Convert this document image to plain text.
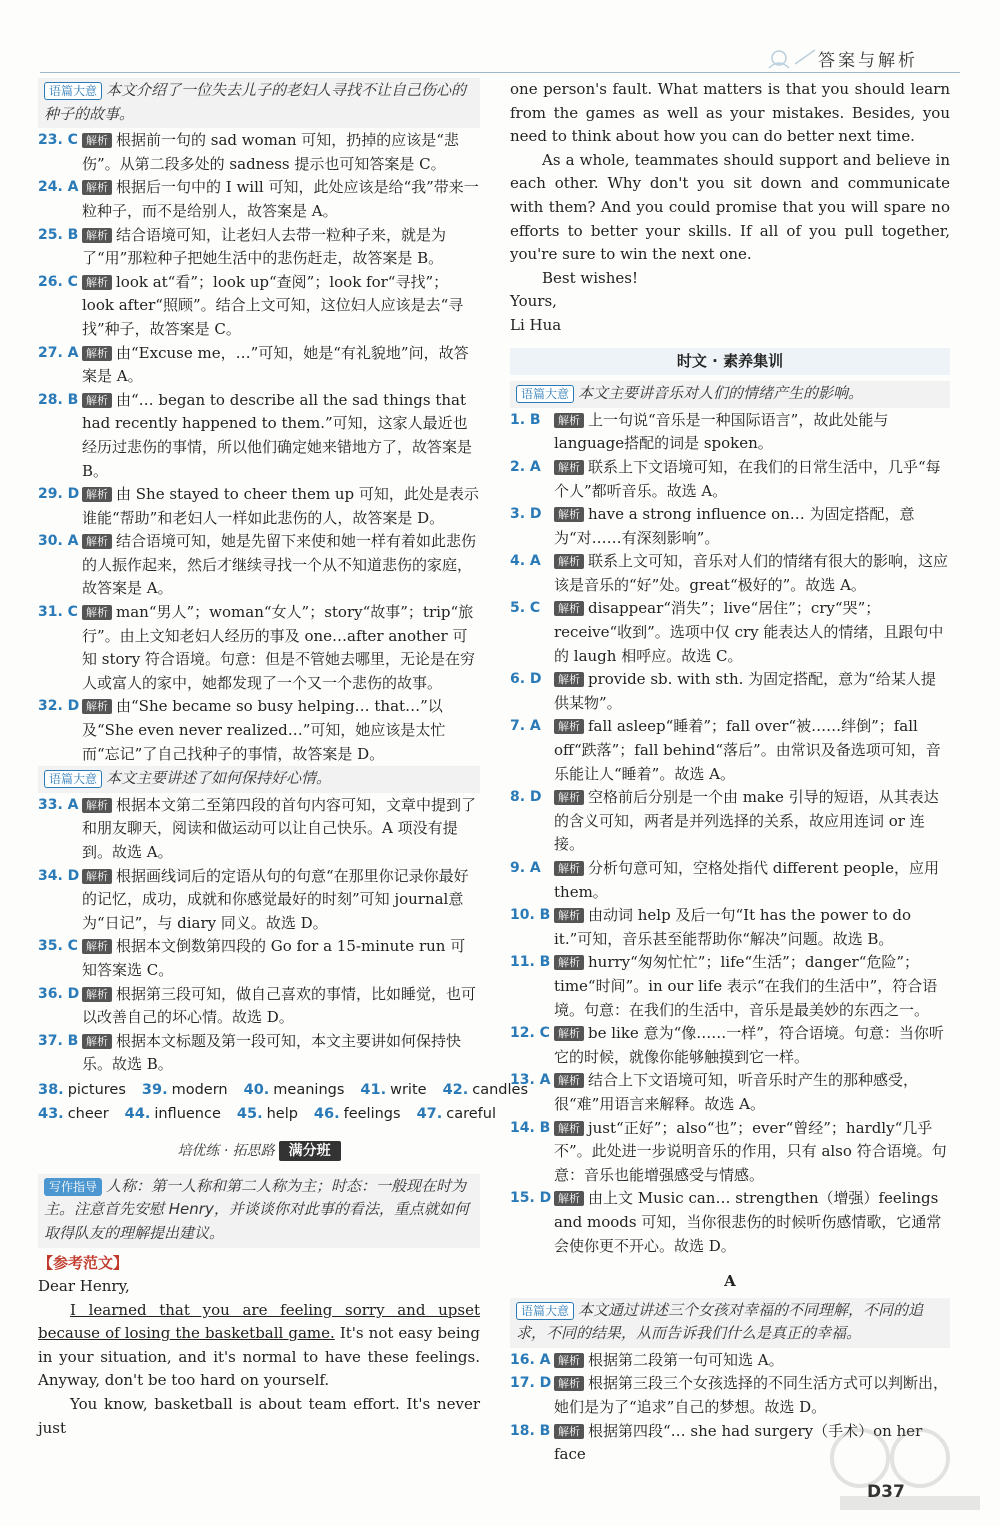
答案与解析
语篇大意 本文介绍了一位失去儿子的老妇人寻找不让自己伤心的种子的故事。

23. C 解析 根据前一句的 sad woman 可知，扔掉的应该是“悲伤”。从第二段多处的 sadness 提示也可知答案是 C。

24. A 解析 根据后一句中的 I will 可知，此处应该是给“我”带来一粒种子，而不是给别人，故答案是 A。

25. B 解析 结合语境可知，让老妇人去带一粒种子来，就是为了“用”那粒种子把她生活中的悲伤赶走，故答案是 B。

26. C 解析 look at“看”；look up“查阅”；look for“寻找”；look after“照顾”。结合上文可知，这位妇人应该是去“寻找”种子，故答案是 C。

27. A 解析 由“Excuse me，…”可知，她是“有礼貌地”问，故答案是 A。

28. B 解析 由“… began to describe all the sad things that had recently happened to them.”可知，这家人最近也经历过悲伤的事情，所以他们确定她来错地方了，故答案是 B。

29. D 解析 由 She stayed to cheer them up 可知，此处是表示谁能“帮助”和老妇人一样如此悲伤的人，故答案是 D。

30. A 解析 结合语境可知，她是先留下来使和她一样有着如此悲伤的人振作起来，然后才继续寻找一个从不知道悲伤的家庭，故答案是 A。

31. C 解析 man“男人”；woman“女人”；story“故事”；trip“旅行”。由上文知老妇人经历的事及 one…after another 可知 story 符合语境。句意：但是不管她去哪里，无论是在穷人或富人的家中，她都发现了一个又一个悲伤的故事。

32. D 解析 由“She became so busy helping… that…”以及“She even never realized…”可知，她应该是太忙而“忘记”了自己找种子的事情，故答案是 D。

语篇大意 本文主要讲述了如何保持好心情。

33. A 解析 根据本文第二至第四段的首句内容可知，文章中提到了和朋友聊天，阅读和做运动可以让自己快乐。A 项没有提到。故选 A。

34. D 解析 根据画线词后的定语从句的句意“在那里你记录你最好的记忆，成功，成就和你感觉最好的时刻”可知 journal意为“日记”，与 diary 同义。故选 D。

35. C 解析 根据本文倒数第四段的 Go for a 15-minute run 可知答案选 C。

36. D 解析 根据第三段可知，做自己喜欢的事情，比如睡觉，也可以改善自己的坏心情。故选 D。

37. B 解析 根据本文标题及第一段可知，本文主要讲如何保持快乐。故选 B。

38. pictures 39. modern 40. meanings 41. write 42. candles
43. cheer 44. influence 45. help 46. feelings 47. careful
培优练 · 拓思路 满分班
写作指导 人称：第一人称和第二人称为主；时态：一般现在时为主。注意首先安慰 Henry，并谈谈你对此事的看法，重点就如何取得队友的理解提出建议。
【参考范文】

Dear Henry,

I learned that you are feeling sorry and upset because of losing the basketball game. It's not easy being in your situation, and it's normal to have these feelings. Anyway, don't be too hard on yourself.

You know, basketball is about team effort. It's never just

one person's fault. What matters is that you should learn from the games as well as your mistakes. Besides, you need to think about how you can do better next time.

As a whole, teammates should support and believe in each other. Why don't you sit down and communicate with them? And you could promise that you will spare no efforts to better your skills. If all of you pull together, you're sure to win the next one.

Best wishes!

Yours,

Li Hua

时文 · 素养集训
语篇大意 本文主要讲音乐对人们的情绪产生的影响。

1. B 解析 上一句说“音乐是一种国际语言”，故此处能与 language搭配的词是 spoken。

2. A 解析 联系上下文语境可知，在我们的日常生活中，几乎“每个人”都听音乐。故选 A。

3. D 解析 have a strong influence on… 为固定搭配，意为“对……有深刻影响”。

4. A 解析 联系上文可知，音乐对人们的情绪有很大的影响，这应该是音乐的“好”处。great“极好的”。故选 A。

5. C 解析 disappear“消失”；live“居住”；cry“哭”；receive“收到”。选项中仅 cry 能表达人的情绪，且跟句中的 laugh 相呼应。故选 C。

6. D 解析 provide sb. with sth. 为固定搭配，意为“给某人提供某物”。

7. A 解析 fall asleep“睡着”；fall over“被……绊倒”；fall off“跌落”；fall behind“落后”。由常识及备选项可知，音乐能让人“睡着”。故选 A。

8. D 解析 空格前后分别是一个由 make 引导的短语，从其表达的含义可知，两者是并列选择的关系，故应用连词 or 连接。

9. A 解析 分析句意可知，空格处指代 different people，应用 them。

10. B 解析 由动词 help 及后一句“It has the power to do it.”可知，音乐甚至能帮助你“解决”问题。故选 B。

11. B 解析 hurry“匆匆忙忙”；life“生活”；danger“危险”；time“时间”。in our life 表示“在我们的生活中”，符合语境。句意：在我们的生活中，音乐是最美妙的东西之一。

12. C 解析 be like 意为“像……一样”，符合语境。句意：当你听它的时候，就像你能够触摸到它一样。

13. A 解析 结合上下文语境可知，听音乐时产生的那种感受，很“难”用语言来解释。故选 A。

14. B 解析 just“正好”；also“也”；ever“曾经”；hardly“几乎不”。此处进一步说明音乐的作用，只有 also 符合语境。句意：音乐也能增强感受与情感。

15. D 解析 由上文 Music can… strengthen（增强）feelings and moods 可知，当你很悲伤的时候听伤感情歌，它通常会使你更不开心。故选 D。

A
语篇大意 本文通过讲述三个女孩对幸福的不同理解，不同的追求，不同的结果，从而告诉我们什么是真正的幸福。

16. A 解析 根据第二段第一句可知选 A。

17. D 解析 根据第三段三个女孩选择的不同生活方式可以判断出，她们是为了“追求”自己的梦想。故选 D。

18. B 解析 根据第四段“… she had surgery（手术）on her face

D37
